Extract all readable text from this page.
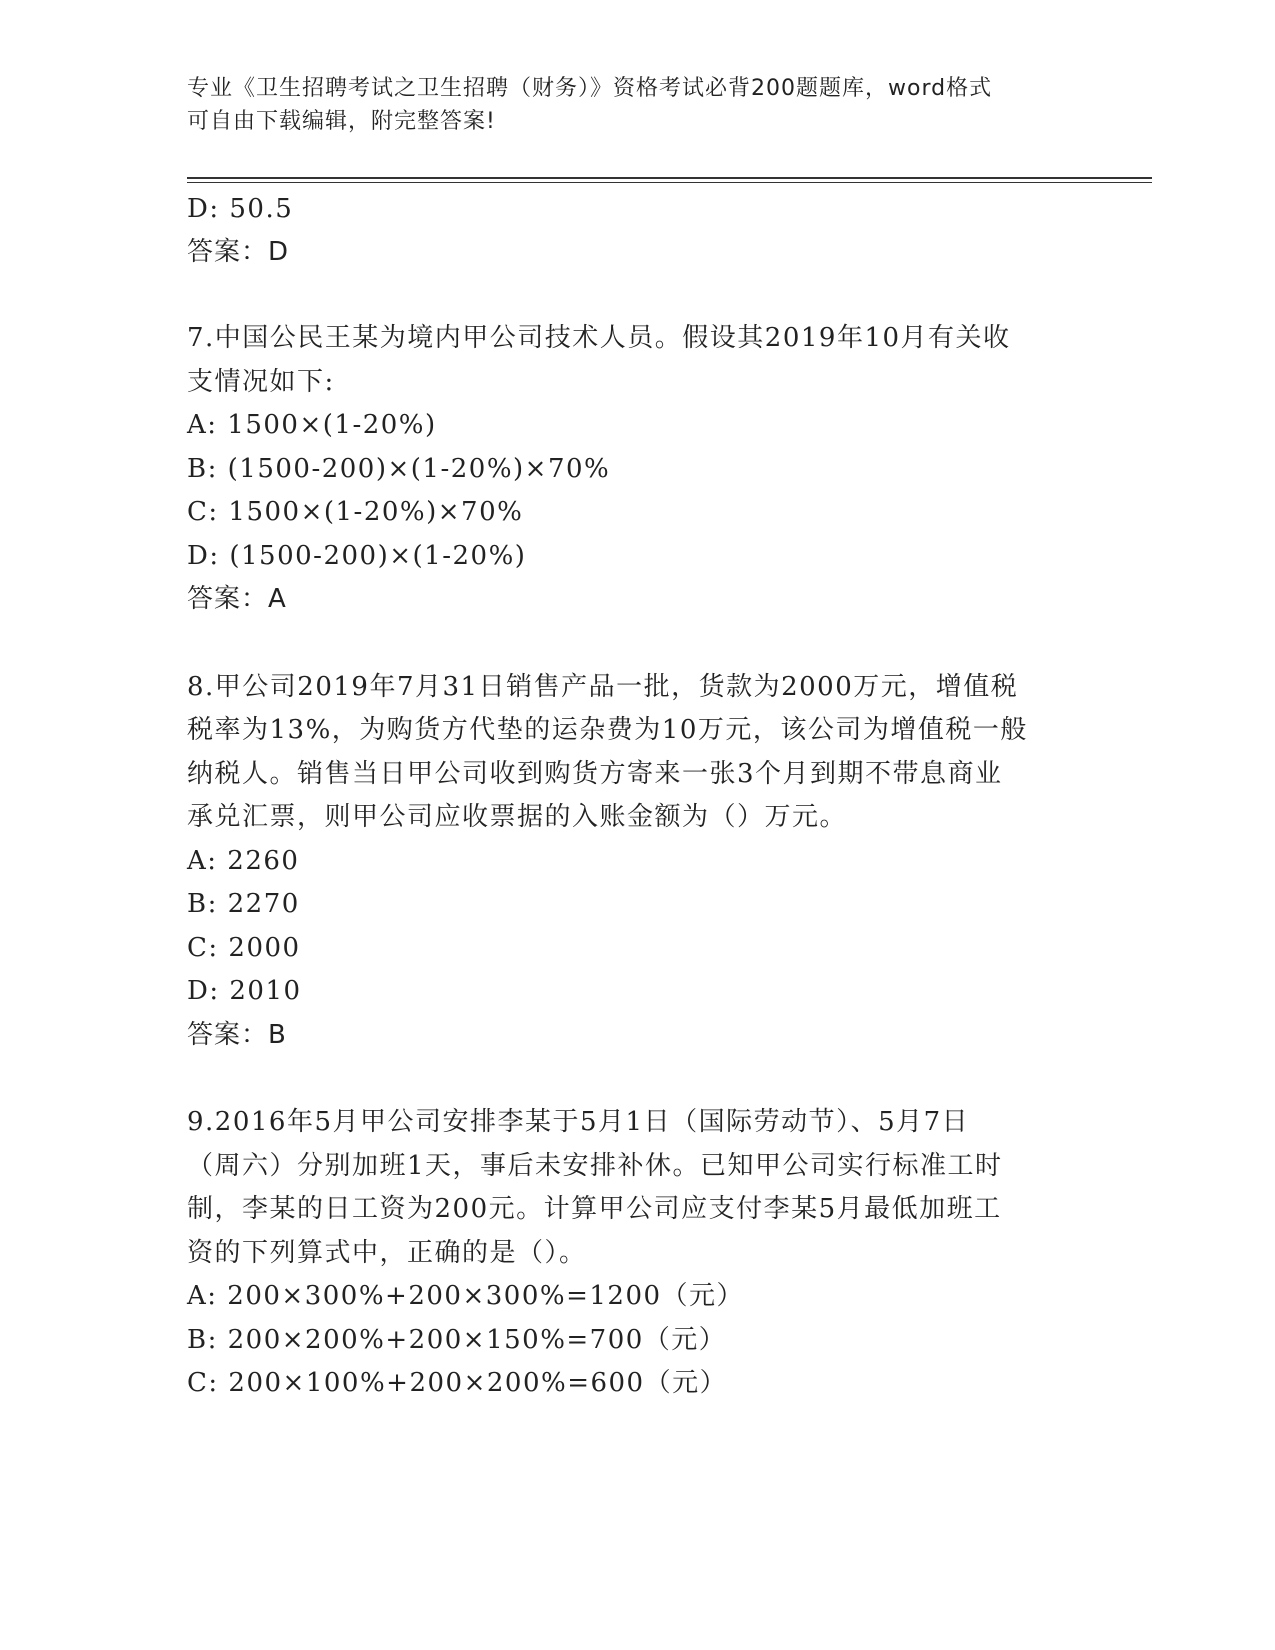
专业《卫生招聘考试之卫生招聘（财务）》资格考试必背200题题库，word格式
可自由下载编辑，附完整答案!
D: 50.5
答案：D
7.中国公民王某为境内甲公司技术人员。假设其2019年10月有关收
支情况如下:
A: 1500×(1-20%)
B: (1500-200)×(1-20%)×70%
C: 1500×(1-20%)×70%
D: (1500-200)×(1-20%)
答案：A
8.甲公司2019年7月31日销售产品一批，货款为2000万元，增值税
税率为13%，为购货方代垫的运杂费为10万元，该公司为增值税一般
纳税人。销售当日甲公司收到购货方寄来一张3个月到期不带息商业
承兑汇票，则甲公司应收票据的入账金额为（）万元。
A: 2260
B: 2270
C: 2000
D: 2010
答案：B
9.2016年5月甲公司安排李某于5月1日（国际劳动节）、5月7日
（周六）分别加班1天，事后未安排补休。已知甲公司实行标准工时
制，李某的日工资为200元。计算甲公司应支付李某5月最低加班工
资的下列算式中，正确的是（）。
A: 200×300%+200×300%=1200（元）
B: 200×200%+200×150%=700（元）
C: 200×100%+200×200%=600（元）
